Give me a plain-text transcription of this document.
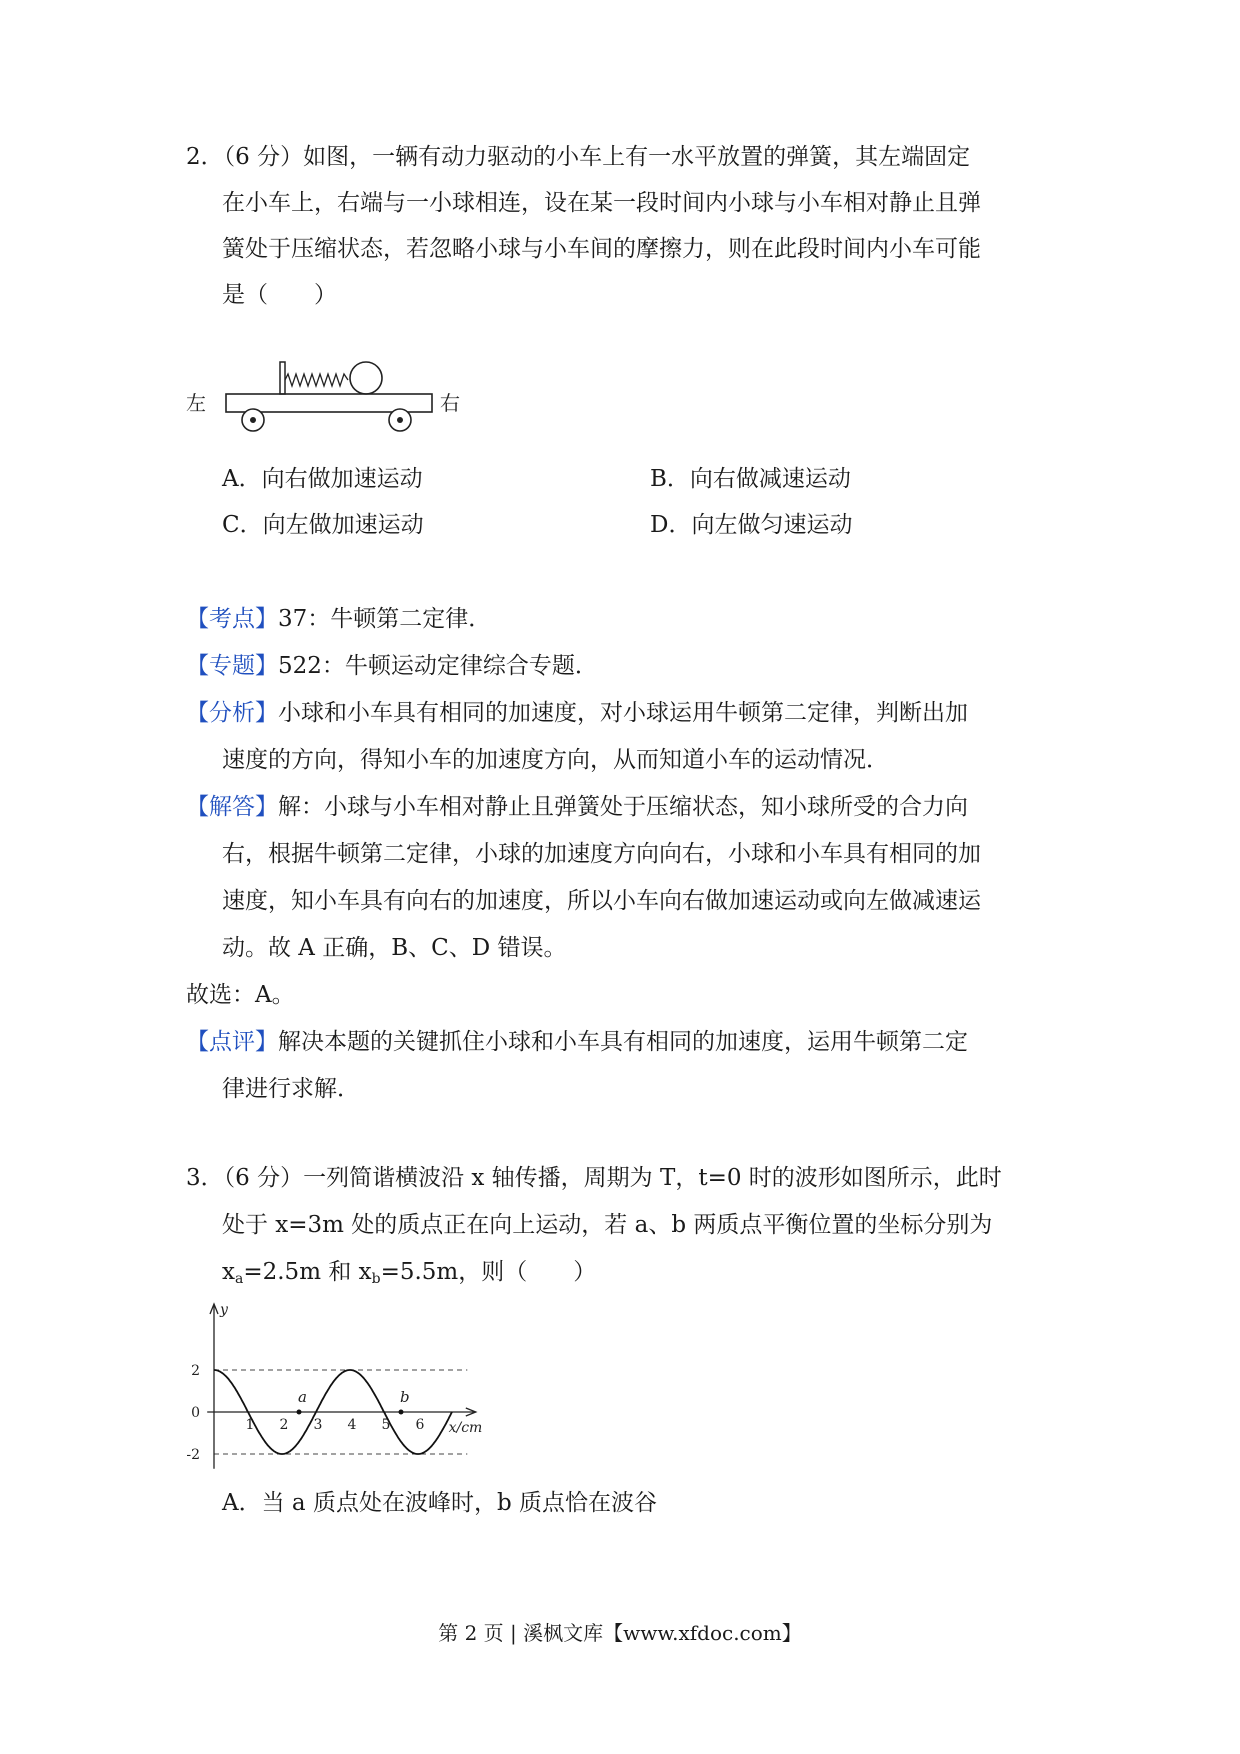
2．（6 分）如图，一辆有动力驱动的小车上有一水平放置的弹簧，其左端固定
在小车上，右端与一小球相连，设在某一段时间内小球与小车相对静止且弹
簧处于压缩状态，若忽略小球与小车间的摩擦力，则在此段时间内小车可能
是（　　）
左	右
A．向右做加速运动	B．向右做减速运动
C．向左做加速运动	D．向左做匀速运动
【考点】37：牛顿第二定律．
【专题】522：牛顿运动定律综合专题．
【分析】小球和小车具有相同的加速度，对小球运用牛顿第二定律，判断出加
速度的方向，得知小车的加速度方向，从而知道小车的运动情况．
【解答】解：小球与小车相对静止且弹簧处于压缩状态，知小球所受的合力向
右，根据牛顿第二定律，小球的加速度方向向右，小球和小车具有相同的加
速度，知小车具有向右的加速度，所以小车向右做加速运动或向左做减速运
动。故 A 正确，B、C、D 错误。
故选：A。
【点评】解决本题的关键抓住小球和小车具有相同的加速度，运用牛顿第二定
律进行求解．
3．（6 分）一列简谐横波沿 x 轴传播，周期为 T，t=0 时的波形如图所示，此时
处于 x=3m 处的质点正在向上运动，若 a、b 两质点平衡位置的坐标分别为
$x_a=2.5m$ 和 $x_b=5.5m$，则（　　）
y
x/cm
2
0
-2
1 2 3 4 5 6
a	b
A．当 a 质点处在波峰时，b 质点恰在波谷
第 2 页 | 溪枫文库【www.xfdoc.com】
